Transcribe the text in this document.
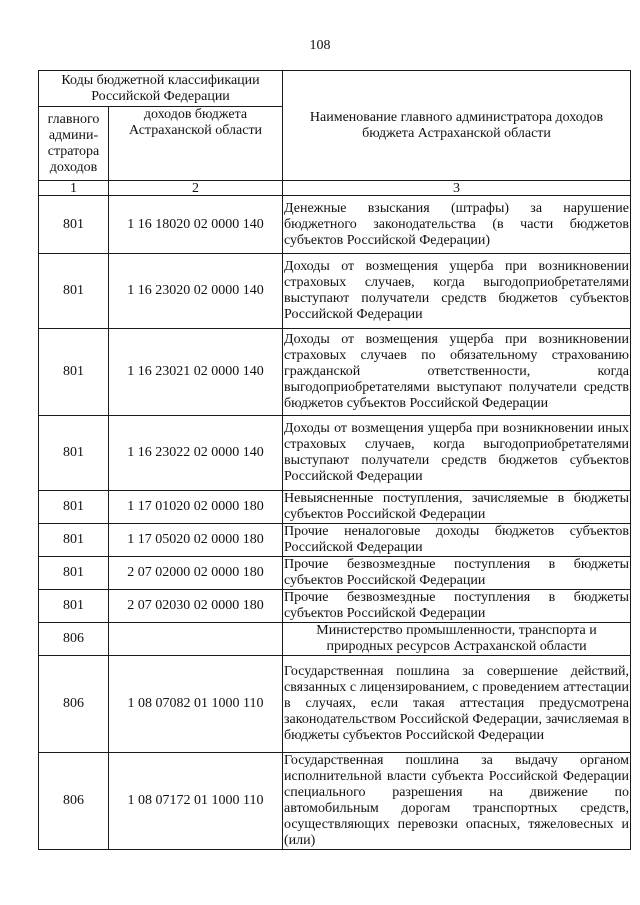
108
Коды бюджетной классификации Российской Федерации		Наименование главного администратора доходов бюджета Астраханской области
главного админи-стратора доходов	доходов бюджета Астраханской области	
1	2	3
801	1 16 18020 02 0000 140	Денежные взыскания (штрафы) за нарушение бюджетного законодательства (в части бюджетов субъектов Российской Федерации)
801	1 16 23020 02 0000 140	Доходы от возмещения ущерба при возникновении страховых случаев, когда выгодоприобретателями выступают получатели средств бюджетов субъектов Российской Федерации
801	1 16 23021 02 0000 140	Доходы от возмещения ущерба при возникновении страховых случаев по обязательному страхованию гражданской ответственности, когда выгодоприобретателями выступают получатели средств бюджетов субъектов Российской Федерации
801	1 16 23022 02 0000 140	Доходы от возмещения ущерба при возникновении иных страховых случаев, когда выгодоприобретателями выступают получатели средств бюджетов субъектов Российской Федерации
801	1 17 01020 02 0000 180	Невыясненные поступления, зачисляемые в бюджеты субъектов Российской Федерации
801	1 17 05020 02 0000 180	Прочие неналоговые доходы бюджетов субъектов Российской Федерации
801	2 07 02000 02 0000 180	Прочие безвозмездные поступления в бюджеты субъектов Российской Федерации
801	2 07 02030 02 0000 180	Прочие безвозмездные поступления в бюджеты субъектов Российской Федерации
806		Министерство промышленности, транспорта и природных ресурсов Астраханской области
806	1 08 07082 01 1000 110	Государственная пошлина за совершение действий, связанных с лицензированием, с проведением аттестации в случаях, если такая аттестация предусмотрена законодательством Российской Федерации, зачисляемая в бюджеты субъектов Российской Федерации
806	1 08 07172 01 1000 110	Государственная пошлина за выдачу органом исполнительной власти субъекта Российской Федерации специального разрешения на движение по автомобильным дорогам транспортных средств, осуществляющих перевозки опасных, тяжеловесных и (или)
